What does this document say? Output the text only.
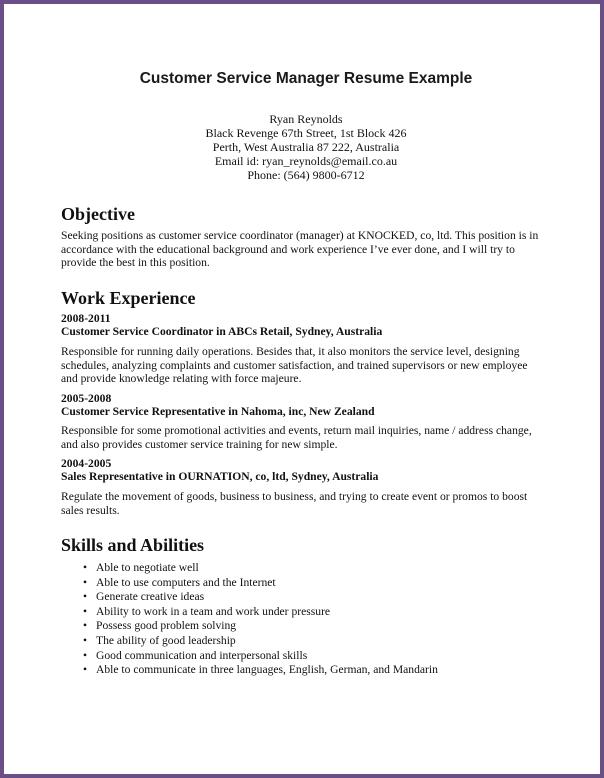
Customer Service Manager Resume Example
Ryan Reynolds
Black Revenge 67th Street, 1st Block 426
Perth, West Australia 87 222, Australia
Email id: ryan_reynolds@email.co.au
Phone: (564) 9800-6712
Objective
Seeking positions as customer service coordinator (manager) at KNOCKED, co, ltd. This position is in
accordance with the educational background and work experience I’ve ever done, and I will try to
provide the best in this position.
Work Experience
2008-2011
Customer Service Coordinator in ABCs Retail, Sydney, Australia
Responsible for running daily operations. Besides that, it also monitors the service level, designing
schedules, analyzing complaints and customer satisfaction, and trained supervisors or new employee
and provide knowledge relating with force majeure.
2005-2008
Customer Service Representative in Nahoma, inc, New Zealand
Responsible for some promotional activities and events, return mail inquiries, name / address change,
and also provides customer service training for new simple.
2004-2005
Sales Representative in OURNATION, co, ltd, Sydney, Australia
Regulate the movement of goods, business to business, and trying to create event or promos to boost
sales results.
Skills and Abilities
• Able to negotiate well
• Able to use computers and the Internet
• Generate creative ideas
• Ability to work in a team and work under pressure
• Possess good problem solving
• The ability of good leadership
• Good communication and interpersonal skills
• Able to communicate in three languages, English, German, and Mandarin
